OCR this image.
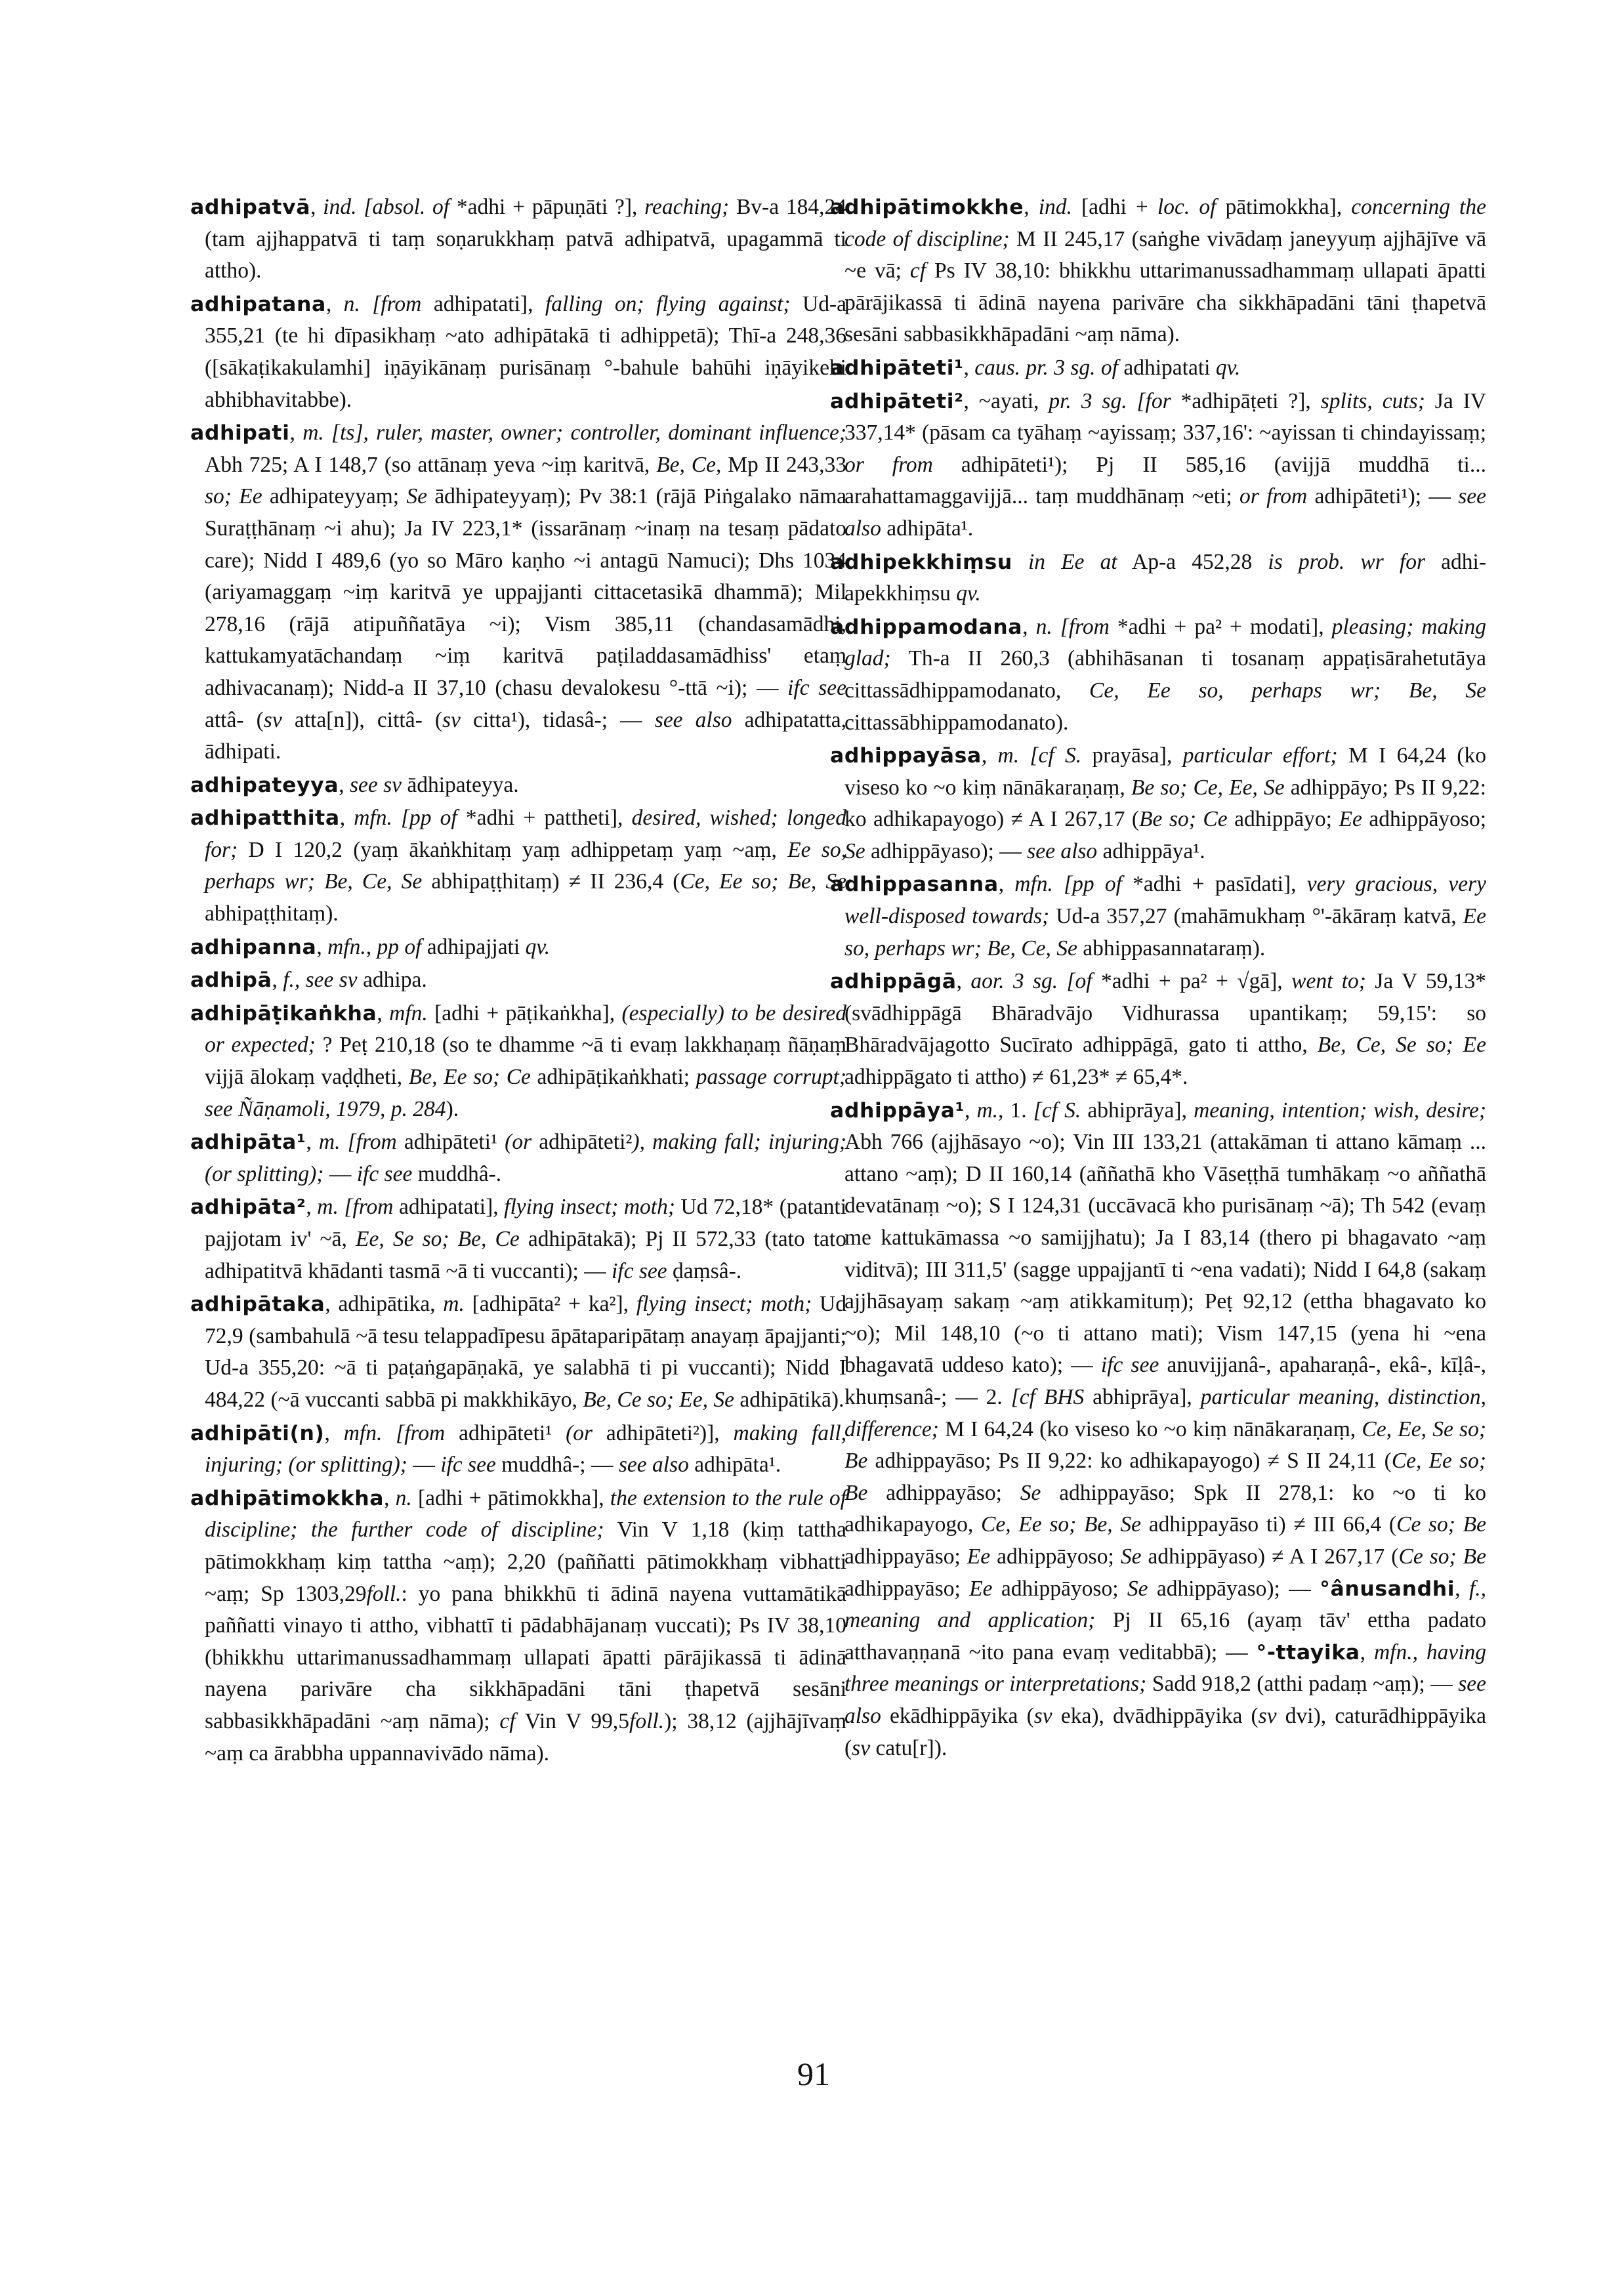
adhipatvā, ind. [absol. of *adhi + pāpuṇāti ?], reaching; Bv-a 184,24 (tam ajjhappatvā ti taṃ soṇarukkhaṃ patvā adhipatvā, upagammā ti attho).

adhipatana, n. [from adhipatati], falling on; flying against; Ud-a 355,21 (te hi dīpasikhaṃ ~ato adhipātakā ti adhippetā); Thī-a 248,36 ([sākaṭikakulamhi] iṇāyikānaṃ purisānaṃ °-bahule bahūhi iṇāyikehi abhibhavitabbe).

adhipati, m. [ts], ruler, master, owner; controller, dominant influence; Abh 725; A I 148,7 (so attānaṃ yeva ~iṃ karitvā, Be, Ce, Mp II 243,33 so; Ee adhipateyyaṃ; Se ādhipateyyaṃ); Pv 38:1 (rājā Piṅgalako nāma Suraṭṭhānaṃ ~i ahu); Ja IV 223,1* (issarānaṃ ~inaṃ na tesaṃ pādato care); Nidd I 489,6 (yo so Māro kaṇho ~i antagū Namuci); Dhs 1034 (ariyamaggaṃ ~iṃ karitvā ye uppajjanti cittacetasikā dhammā); Mil 278,16 (rājā atipuññatāya ~i); Vism 385,11 (chandasamādhi, kattukamyatāchandaṃ ~iṃ karitvā paṭiladdasamādhiss' etaṃ adhivacanaṃ); Nidd-a II 37,10 (chasu devalokesu °-ttā ~i); — ifc see attâ- (sv atta[n]), cittâ- (sv citta¹), tidasâ-; — see also adhipatatta, ādhipati.

adhipateyya, see sv ādhipateyya.

adhipatthita, mfn. [pp of *adhi + pattheti], desired, wished; longed for; D I 120,2 (yaṃ ākaṅkhitaṃ yaṃ adhippetaṃ yaṃ ~aṃ, Ee so, perhaps wr; Be, Ce, Se abhipaṭṭhitaṃ) ≠ II 236,4 (Ce, Ee so; Be, Se abhipaṭṭhitaṃ).

adhipanna, mfn., pp of adhipajjati qv.

adhipā, f., see sv adhipa.

adhipāṭikaṅkha, mfn. [adhi + pāṭikaṅkha], (especially) to be desired or expected; ? Peṭ 210,18 (so te dhamme ~ā ti evaṃ lakkhaṇaṃ ñāṇaṃ vijjā ālokaṃ vaḍḍheti, Be, Ee so; Ce adhipāṭikaṅkhati; passage corrupt; see Ñāṇamoli, 1979, p. 284).

adhipāta¹, m. [from adhipāteti¹ (or adhipāteti²), making fall; injuring; (or splitting); — ifc see muddhâ-.

adhipāta², m. [from adhipatati], flying insect; moth; Ud 72,18* (patanti pajjotam iv' ~ā, Ee, Se so; Be, Ce adhipātakā); Pj II 572,33 (tato tato adhipatitvā khādanti tasmā ~ā ti vuccanti); — ifc see ḍaṃsâ-.

adhipātaka, adhipātika, m. [adhipāta² + ka²], flying insect; moth; Ud 72,9 (sambahulā ~ā tesu telappadīpesu āpātaparipātaṃ anayaṃ āpajjanti; Ud-a 355,20: ~ā ti paṭaṅgapāṇakā, ye salabhā ti pi vuccanti); Nidd I 484,22 (~ā vuccanti sabbā pi makkhikāyo, Be, Ce so; Ee, Se adhipātikā).

adhipāti(n), mfn. [from adhipāteti¹ (or adhipāteti²)], making fall, injuring; (or splitting); — ifc see muddhâ-; — see also adhipāta¹.

adhipātimokkha, n. [adhi + pātimokkha], the extension to the rule of discipline; the further code of discipline; Vin V 1,18 (kiṃ tattha pātimokkhaṃ kiṃ tattha ~aṃ); 2,20 (paññatti pātimokkhaṃ vibhatti ~aṃ; Sp 1303,29foll.: yo pana bhikkhū ti ādinā nayena vuttamātikā paññatti vinayo ti attho, vibhattī ti pādabhājanaṃ vuccati); Ps IV 38,10 (bhikkhu uttarimanussadhammaṃ ullapati āpatti pārājikassā ti ādinā nayena parivāre cha sikkhāpadāni tāni ṭhapetvā sesāni sabbasikkhāpadāni ~aṃ nāma); cf Vin V 99,5foll.); 38,12 (ajjhājīvaṃ ~aṃ ca ārabbha uppannavivādo nāma).

adhipātimokkhe, ind. [adhi + loc. of pātimokkha], concerning the code of discipline; M II 245,17 (saṅghe vivādaṃ janeyyuṃ ajjhājīve vā ~e vā; cf Ps IV 38,10: bhikkhu uttarimanussadhammaṃ ullapati āpatti pārājikassā ti ādinā nayena parivāre cha sikkhāpadāni tāni ṭhapetvā sesāni sabbasikkhāpadāni ~aṃ nāma).

adhipāteti¹, caus. pr. 3 sg. of adhipatati qv.

adhipāteti², ~ayati, pr. 3 sg. [for *adhipāṭeti ?], splits, cuts; Ja IV 337,14* (pāsam ca tyāhaṃ ~ayissaṃ; 337,16': ~ayissan ti chindayissaṃ; or from adhipāteti¹); Pj II 585,16 (avijjā muddhā ti... arahattamaggavijjā... taṃ muddhānaṃ ~eti; or from adhipāteti¹); — see also adhipāta¹.

adhipekkhiṃsu in Ee at Ap-a 452,28 is prob. wr for adhi-apekkhiṃsu qv.

adhippamodana, n. [from *adhi + pa² + modati], pleasing; making glad; Th-a II 260,3 (abhihāsanan ti tosanaṃ appaṭisārahetutāya cittassādhippamodanato, Ce, Ee so, perhaps wr; Be, Se cittassābhippamodanato).

adhippayāsa, m. [cf S. prayāsa], particular effort; M I 64,24 (ko viseso ko ~o kiṃ nānākaraṇaṃ, Be so; Ce, Ee, Se adhippāyo; Ps II 9,22: ko adhikapayogo) ≠ A I 267,17 (Be so; Ce adhippāyo; Ee adhippāyoso; Se adhippāyaso); — see also adhippāya¹.

adhippasanna, mfn. [pp of *adhi + pasīdati], very gracious, very well-disposed towards; Ud-a 357,27 (mahāmukhaṃ °'-ākāraṃ katvā, Ee so, perhaps wr; Be, Ce, Se abhippasannataraṃ).

adhippāgā, aor. 3 sg. [of *adhi + pa² + √gā], went to; Ja V 59,13* (svādhippāgā Bhāradvājo Vidhurassa upantikaṃ; 59,15': so Bhāradvājagotto Sucīrato adhippāgā, gato ti attho, Be, Ce, Se so; Ee adhippāgato ti attho) ≠ 61,23* ≠ 65,4*.

adhippāya¹, m., 1. [cf S. abhiprāya], meaning, intention; wish, desire; Abh 766 (ajjhāsayo ~o); Vin III 133,21 (attakāman ti attano kāmaṃ ... attano ~aṃ); D II 160,14 (aññathā kho Vāseṭṭhā tumhākaṃ ~o aññathā devatānaṃ ~o); S I 124,31 (uccāvacā kho purisānaṃ ~ā); Th 542 (evaṃ me kattukāmassa ~o samijjhatu); Ja I 83,14 (thero pi bhagavato ~aṃ viditvā); III 311,5' (sagge uppajjantī ti ~ena vadati); Nidd I 64,8 (sakaṃ ajjhāsayaṃ sakaṃ ~aṃ atikkamituṃ); Peṭ 92,12 (ettha bhagavato ko ~o); Mil 148,10 (~o ti attano mati); Vism 147,15 (yena hi ~ena bhagavatā uddeso kato); — ifc see anuvijjanâ-, apaharaṇâ-, ekâ-, kīḷâ-, khuṃsanâ-; — 2. [cf BHS abhiprāya], particular meaning, distinction, difference; M I 64,24 (ko viseso ko ~o kiṃ nānākaraṇaṃ, Ce, Ee, Se so; Be adhippayāso; Ps II 9,22: ko adhikapayogo) ≠ S II 24,11 (Ce, Ee so; Be adhippayāso; Se adhippayāso; Spk II 278,1: ko ~o ti ko adhikapayogo, Ce, Ee so; Be, Se adhippayāso ti) ≠ III 66,4 (Ce so; Be adhippayāso; Ee adhippāyoso; Se adhippāyaso) ≠ A I 267,17 (Ce so; Be adhippayāso; Ee adhippāyoso; Se adhippāyaso); — °ânusandhi, f., meaning and application; Pj II 65,16 (ayaṃ tāv' ettha padato atthavaṇṇanā ~ito pana evaṃ veditabbā); — °-ttayika, mfn., having three meanings or interpretations; Sadd 918,2 (atthi padaṃ ~aṃ); — see also ekādhippāyika (sv eka), dvādhippāyika (sv dvi), caturādhippāyika (sv catu[r]).

91
